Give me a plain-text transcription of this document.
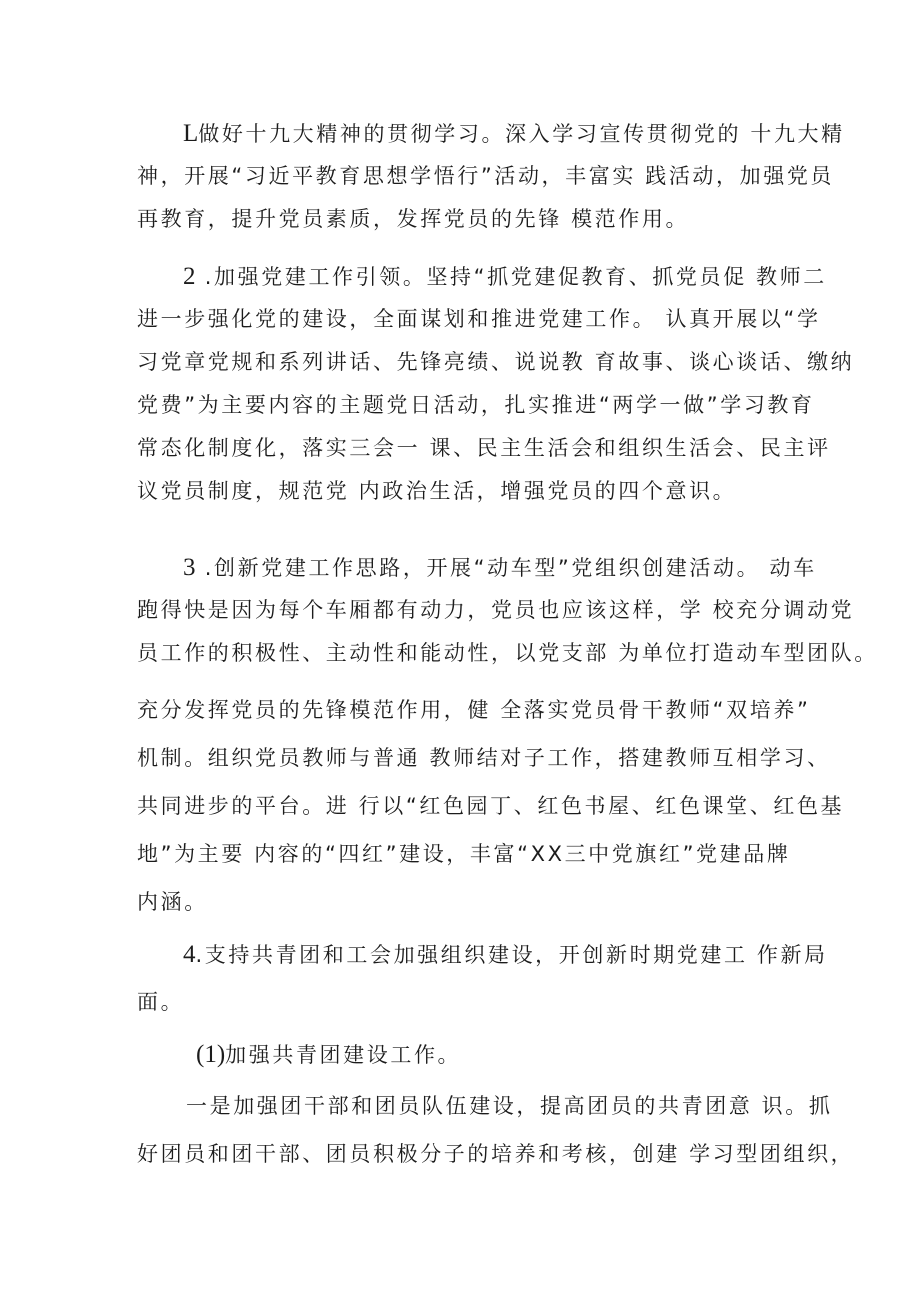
L做好十九大精神的贯彻学习。深入学习宣传贯彻党的 十九大精
神，开展“习近平教育思想学悟行”活动，丰富实 践活动，加强党员
再教育，提升党员素质，发挥党员的先锋 模范作用。
2 .加强党建工作引领。坚持“抓党建促教育、抓党员促 教师二
进一步强化党的建设，全面谋划和推进党建工作。 认真开展以“学
习党章党规和系列讲话、先锋亮绩、说说教 育故事、谈心谈话、缴纳
党费”为主要内容的主题党日活动，扎实推进“两学一做”学习教育
常态化制度化，落实三会一 课、民主生活会和组织生活会、民主评
议党员制度，规范党 内政治生活，增强党员的四个意识。
3 .创新党建工作思路，开展“动车型”党组织创建活动。 动车
跑得快是因为每个车厢都有动力，党员也应该这样，学 校充分调动党
员工作的积极性、主动性和能动性，以党支部 为单位打造动车型团队。
充分发挥党员的先锋模范作用，健 全落实党员骨干教师“双培养”
机制。组织党员教师与普通 教师结对子工作，搭建教师互相学习、
共同进步的平台。进 行以“红色园丁、红色书屋、红色课堂、红色基
地”为主要 内容的“四红”建设，丰富“XX三中党旗红”党建品牌
内涵。
4.支持共青团和工会加强组织建设，开创新时期党建工 作新局
面。
(1)加强共青团建设工作。
一是加强团干部和团员队伍建设，提高团员的共青团意 识。抓
好团员和团干部、团员积极分子的培养和考核，创建 学习型团组织，
